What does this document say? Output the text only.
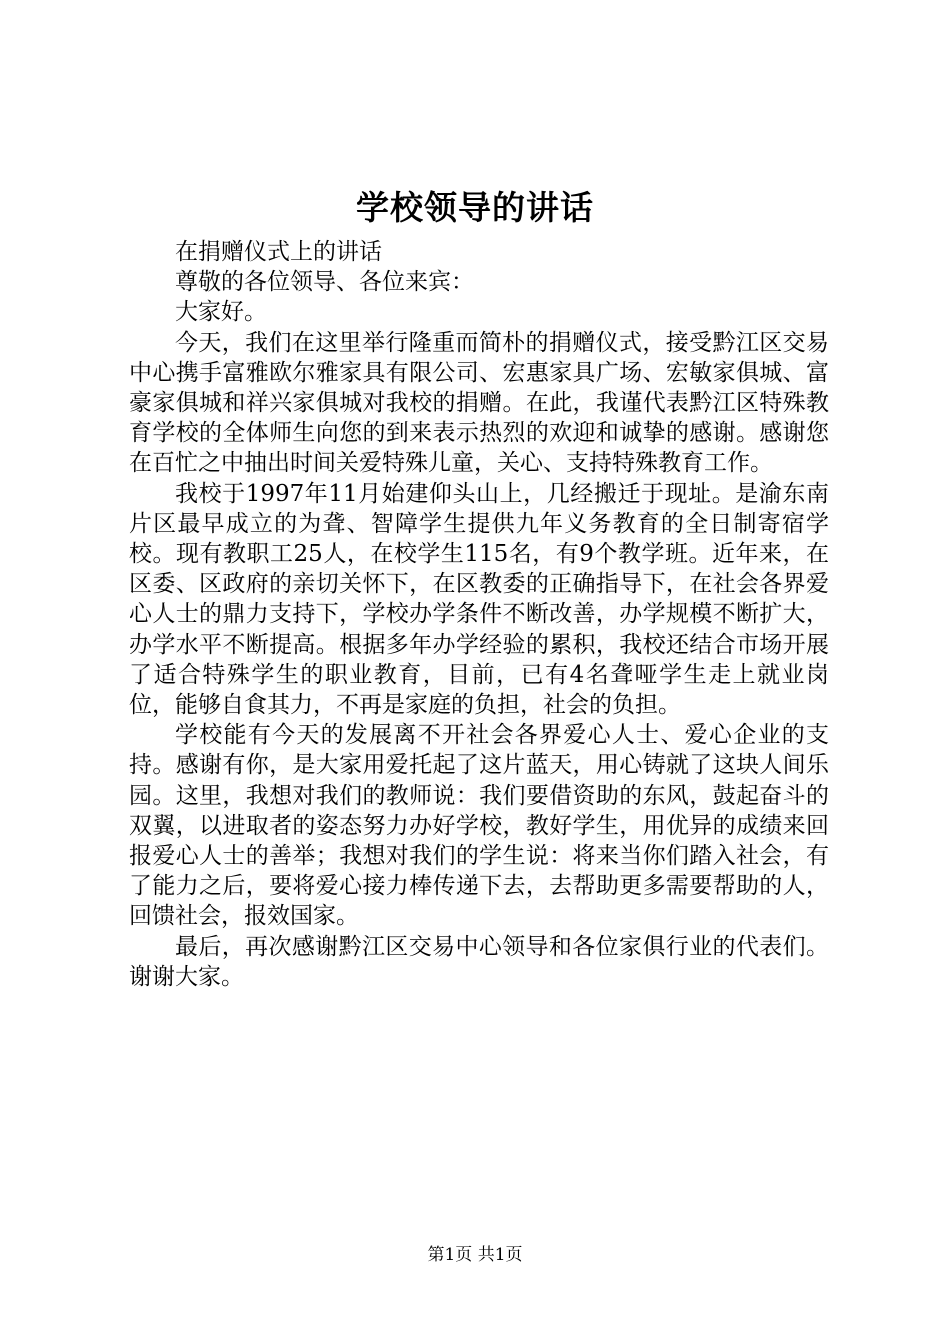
学校领导的讲话

在捐赠仪式上的讲话

尊敬的各位领导、各位来宾：

大家好。

今天，我们在这里举行隆重而简朴的捐赠仪式，接受黔江区交易中心携手富雅欧尔雅家具有限公司、宏惠家具广场、宏敏家俱城、富豪家俱城和祥兴家俱城对我校的捐赠。在此，我谨代表黔江区特殊教育学校的全体师生向您的到来表示热烈的欢迎和诚挚的感谢。感谢您在百忙之中抽出时间关爱特殊儿童，关心、支持特殊教育工作。

我校于1997年11月始建仰头山上，几经搬迁于现址。是渝东南片区最早成立的为聋、智障学生提供九年义务教育的全日制寄宿学校。现有教职工25人，在校学生115名，有9个教学班。近年来，在区委、区政府的亲切关怀下，在区教委的正确指导下，在社会各界爱心人士的鼎力支持下，学校办学条件不断改善，办学规模不断扩大，办学水平不断提高。根据多年办学经验的累积，我校还结合市场开展了适合特殊学生的职业教育，目前，已有4名聋哑学生走上就业岗位，能够自食其力，不再是家庭的负担，社会的负担。

学校能有今天的发展离不开社会各界爱心人士、爱心企业的支持。感谢有你，是大家用爱托起了这片蓝天，用心铸就了这块人间乐园。这里，我想对我们的教师说：我们要借资助的东风，鼓起奋斗的双翼，以进取者的姿态努力办好学校，教好学生，用优异的成绩来回报爱心人士的善举；我想对我们的学生说：将来当你们踏入社会，有了能力之后，要将爱心接力棒传递下去，去帮助更多需要帮助的人，回馈社会，报效国家。

最后，再次感谢黔江区交易中心领导和各位家俱行业的代表们。谢谢大家。

第1页 共1页
